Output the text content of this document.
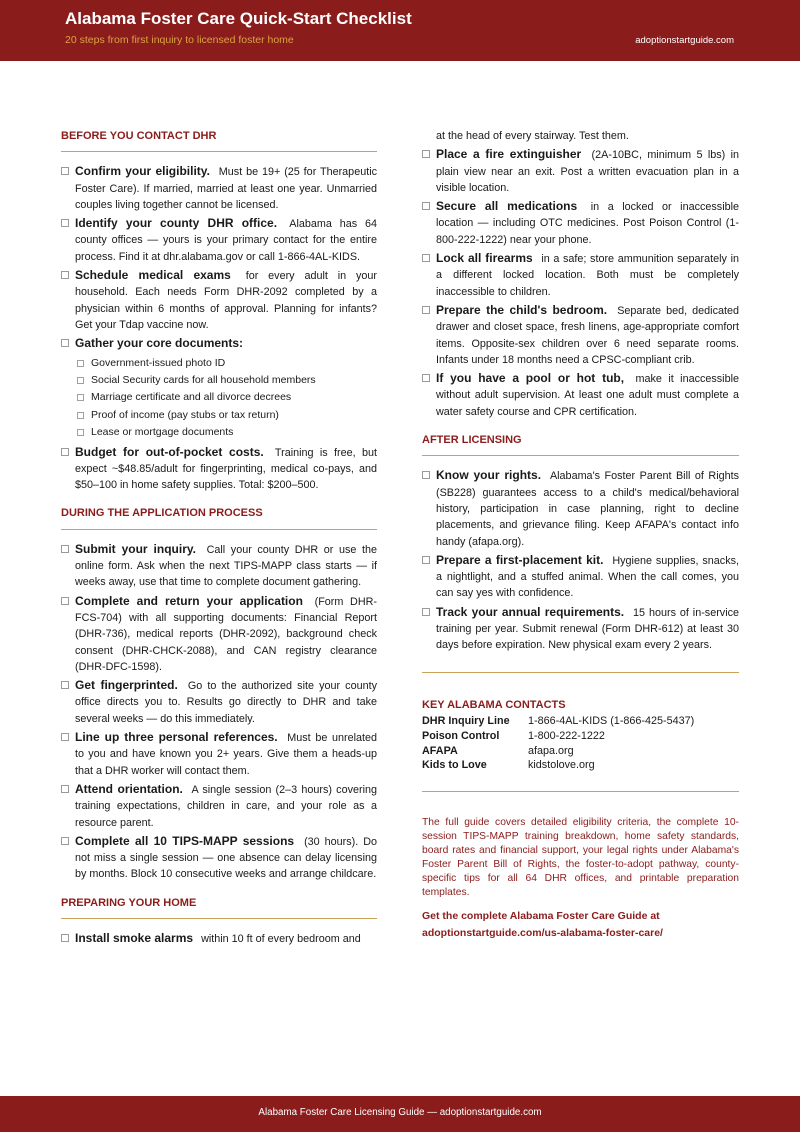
Alabama Foster Care Quick-Start Checklist
20 steps from first inquiry to licensed foster home	adoptionstartguide.com
BEFORE YOU CONTACT DHR
Confirm your eligibility. Must be 19+ (25 for Therapeutic Foster Care). If married, married at least one year. Unmarried couples living together cannot be licensed.
Identify your county DHR office. Alabama has 64 county offices — yours is your primary contact for the entire process. Find it at dhr.alabama.gov or call 1-866-4AL-KIDS.
Schedule medical exams for every adult in your household. Each needs Form DHR-2092 completed by a physician within 6 months of approval. Planning for infants? Get your Tdap vaccine now.
Gather your core documents:
Government-issued photo ID
Social Security cards for all household members
Marriage certificate and all divorce decrees
Proof of income (pay stubs or tax return)
Lease or mortgage documents
Budget for out-of-pocket costs. Training is free, but expect ~$48.85/adult for fingerprinting, medical co-pays, and $50–100 in home safety supplies. Total: $200–500.
DURING THE APPLICATION PROCESS
Submit your inquiry. Call your county DHR or use the online form. Ask when the next TIPS-MAPP class starts — if weeks away, use that time to complete document gathering.
Complete and return your application (Form DHR-FCS-704) with all supporting documents: Financial Report (DHR-736), medical reports (DHR-2092), background check consent (DHR-CHCK-2088), and CAN registry clearance (DHR-DFC-1598).
Get fingerprinted. Go to the authorized site your county office directs you to. Results go directly to DHR and take several weeks — do this immediately.
Line up three personal references. Must be unrelated to you and have known you 2+ years. Give them a heads-up that a DHR worker will contact them.
Attend orientation. A single session (2–3 hours) covering training expectations, children in care, and your role as a resource parent.
Complete all 10 TIPS-MAPP sessions (30 hours). Do not miss a single session — one absence can delay licensing by months. Block 10 consecutive weeks and arrange childcare.
PREPARING YOUR HOME
Install smoke alarms within 10 ft of every bedroom and
at the head of every stairway. Test them.
Place a fire extinguisher (2A-10BC, minimum 5 lbs) in plain view near an exit. Post a written evacuation plan in a visible location.
Secure all medications in a locked or inaccessible location — including OTC medicines. Post Poison Control (1-800-222-1222) near your phone.
Lock all firearms in a safe; store ammunition separately in a different locked location. Both must be completely inaccessible to children.
Prepare the child's bedroom. Separate bed, dedicated drawer and closet space, fresh linens, age-appropriate comfort items. Opposite-sex children over 6 need separate rooms. Infants under 18 months need a CPSC-compliant crib.
If you have a pool or hot tub, make it inaccessible without adult supervision. At least one adult must complete a water safety course and CPR certification.
AFTER LICENSING
Know your rights. Alabama's Foster Parent Bill of Rights (SB228) guarantees access to a child's medical/behavioral history, participation in case planning, right to decline placements, and grievance filing. Keep AFAPA's contact info handy (afapa.org).
Prepare a first-placement kit. Hygiene supplies, snacks, a nightlight, and a stuffed animal. When the call comes, you can say yes with confidence.
Track your annual requirements. 15 hours of in-service training per year. Submit renewal (Form DHR-612) at least 30 days before expiration. New physical exam every 2 years.
KEY ALABAMA CONTACTS
DHR Inquiry Line	1-866-4AL-KIDS (1-866-425-5437)
Poison Control	1-800-222-1222
AFAPA	afapa.org
Kids to Love	kidstolove.org
The full guide covers detailed eligibility criteria, the complete 10-session TIPS-MAPP training breakdown, home safety standards, board rates and financial support, your legal rights under Alabama's Foster Parent Bill of Rights, the foster-to-adopt pathway, county-specific tips for all 64 DHR offices, and printable preparation templates.
Get the complete Alabama Foster Care Guide at
adoptionstartguide.com/us-alabama-foster-care/
Alabama Foster Care Licensing Guide — adoptionstartguide.com
